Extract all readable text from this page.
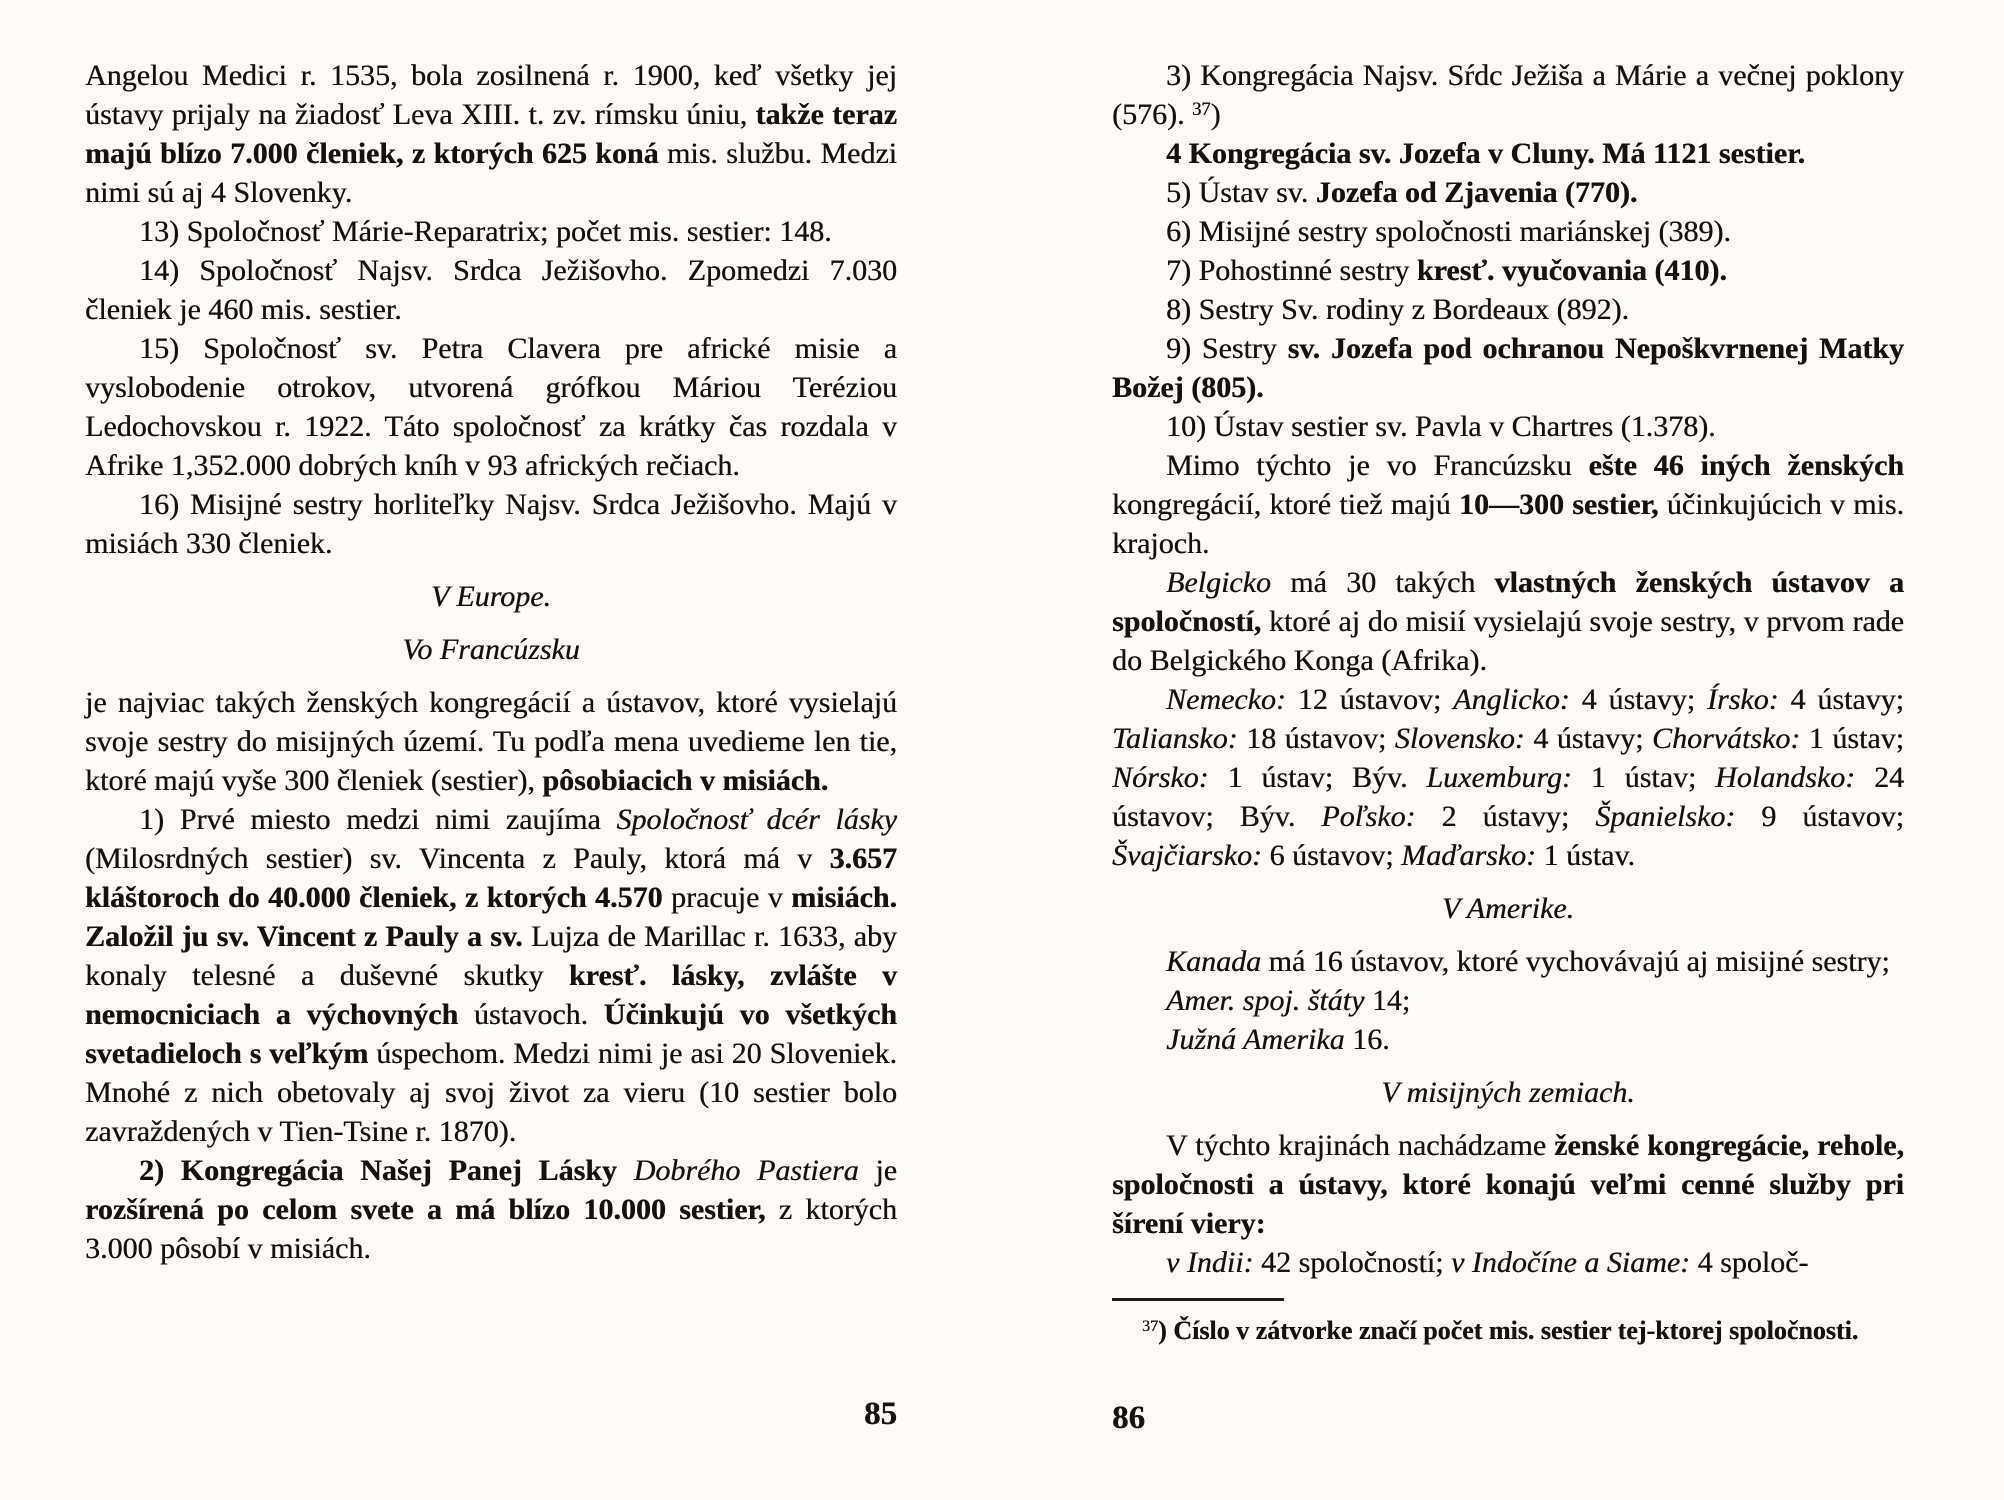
Angelou Medici r. 1535, bola zosilnená r. 1900, keď všetky jej ústavy prijaly na žiadosť Leva XIII. t. zv. rímsku úniu, takže teraz majú blízo 7.000 členiek, z ktorých 625 koná mis. službu. Medzi nimi sú aj 4 Slovenky.

13) Spoločnosť Márie-Reparatrix; počet mis. sestier: 148.

14) Spoločnosť Najsv. Srdca Ježišovho. Zpomedzi 7.030 členiek je 460 mis. sestier.

15) Spoločnosť sv. Petra Clavera pre africké misie a vyslobodenie otrokov, utvorená grófkou Máriou Teréziou Ledochovskou r. 1922. Táto spoločnosť za krátky čas rozdala v Afrike 1,352.000 dobrých kníh v 93 afrických rečiach.

16) Misijné sestry horliteľky Najsv. Srdca Ježišovho. Majú v misiách 330 členiek.

V Europe.

Vo Francúzsku

je najviac takých ženských kongregácií a ústavov, ktoré vysielajú svoje sestry do misijných území. Tu podľa mena uvedieme len tie, ktoré majú vyše 300 členiek (sestier), pôsobiacich v misiách.

1) Prvé miesto medzi nimi zaujíma Spoločnosť dcér lásky (Milosrdných sestier) sv. Vincenta z Pauly, ktorá má v 3.657 kláštoroch do 40.000 členiek, z ktorých 4.570 pracuje v misiách. Založil ju sv. Vincent z Pauly a sv. Lujza de Marillac r. 1633, aby konaly telesné a duševné skutky kresť. lásky, zvlášte v nemocniciach a výchovných ústavoch. Účinkujú vo všetkých svetadieloch s veľkým úspechom. Medzi nimi je asi 20 Sloveniek. Mnohé z nich obetovaly aj svoj život za vieru (10 sestier bolo zavraždených v Tien-Tsine r. 1870).

2) Kongregácia Našej Panej Lásky Dobrého Pastiera je rozšírená po celom svete a má blízo 10.000 sestier, z ktorých 3.000 pôsobí v misiách.

85

3) Kongregácia Najsv. Sŕdc Ježiša a Márie a večnej poklony (576). $^{37}$)

4 Kongregácia sv. Jozefa v Cluny. Má 1121 sestier.

5) Ústav sv. Jozefa od Zjavenia (770).

6) Misijné sestry spoločnosti mariánskej (389).

7) Pohostinné sestry kresť. vyučovania (410).

8) Sestry Sv. rodiny z Bordeaux (892).

9) Sestry sv. Jozefa pod ochranou Nepoškvrnenej Matky Božej (805).

10) Ústav sestier sv. Pavla v Chartres (1.378).

Mimo týchto je vo Francúzsku ešte 46 iných ženských kongregácií, ktoré tiež majú 10—300 sestier, účinkujúcich v mis. krajoch.

Belgicko má 30 takých vlastných ženských ústavov a spoločností, ktoré aj do misií vysielajú svoje sestry, v prvom rade do Belgického Konga (Afrika).

Nemecko: 12 ústavov; Anglicko: 4 ústavy; Írsko: 4 ústavy; Taliansko: 18 ústavov; Slovensko: 4 ústavy; Chorvátsko: 1 ústav; Nórsko: 1 ústav; Býv. Luxemburg: 1 ústav; Holandsko: 24 ústavov; Býv. Poľsko: 2 ústavy; Španielsko: 9 ústavov; Švajčiarsko: 6 ústavov; Maďarsko: 1 ústav.

V Amerike.

Kanada má 16 ústavov, ktoré vychovávajú aj misijné sestry;

Amer. spoj. štáty 14;

Južná Amerika 16.

V misijných zemiach.

V týchto krajinách nachádzame ženské kongregácie, rehole, spoločnosti a ústavy, ktoré konajú veľmi cenné služby pri šírení viery:

v Indii: 42 spoločností; v Indočíne a Siame: 4 spoloč-

$^{37}$) Číslo v zátvorke značí počet mis. sestier tej-ktorej spoločnosti.
86
